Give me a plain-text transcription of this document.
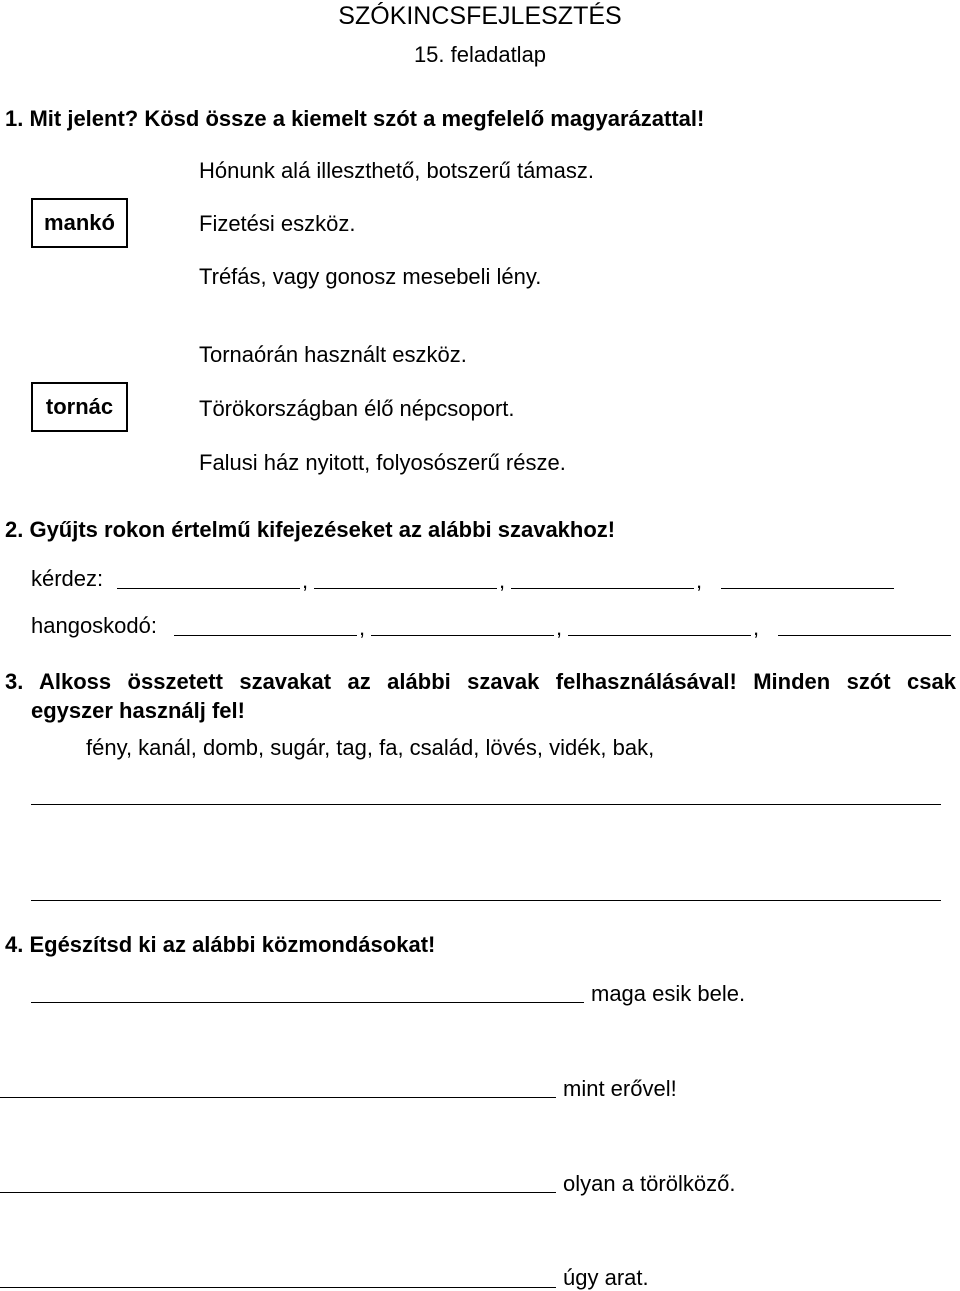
SZÓKINCSFEJLESZTÉS
15. feladatlap
1. Mit jelent? Kösd össze a kiemelt szót a megfelelő magyarázattal!
mankó
Hónunk alá illeszthető, botszerű támasz.
Fizetési eszköz.
Tréfás, vagy gonosz mesebeli lény.
tornác
Tornaórán használt eszköz.
Törökországban élő népcsoport.
Falusi ház nyitott, folyosószerű része.
2. Gyűjts rokon értelmű kifejezéseket az alábbi szavakhoz!
kérdez:	,	,	,
hangoskodó:	,	,	,
3. Alkoss összetett szavakat az alábbi szavak felhasználásával! Minden szót csak
egyszer használj fel!
fény, kanál, domb, sugár, tag, fa, család, lövés, vidék, bak,
4. Egészítsd ki az alábbi közmondásokat!
maga esik bele.
mint erővel!
olyan a törölköző.
úgy arat.
